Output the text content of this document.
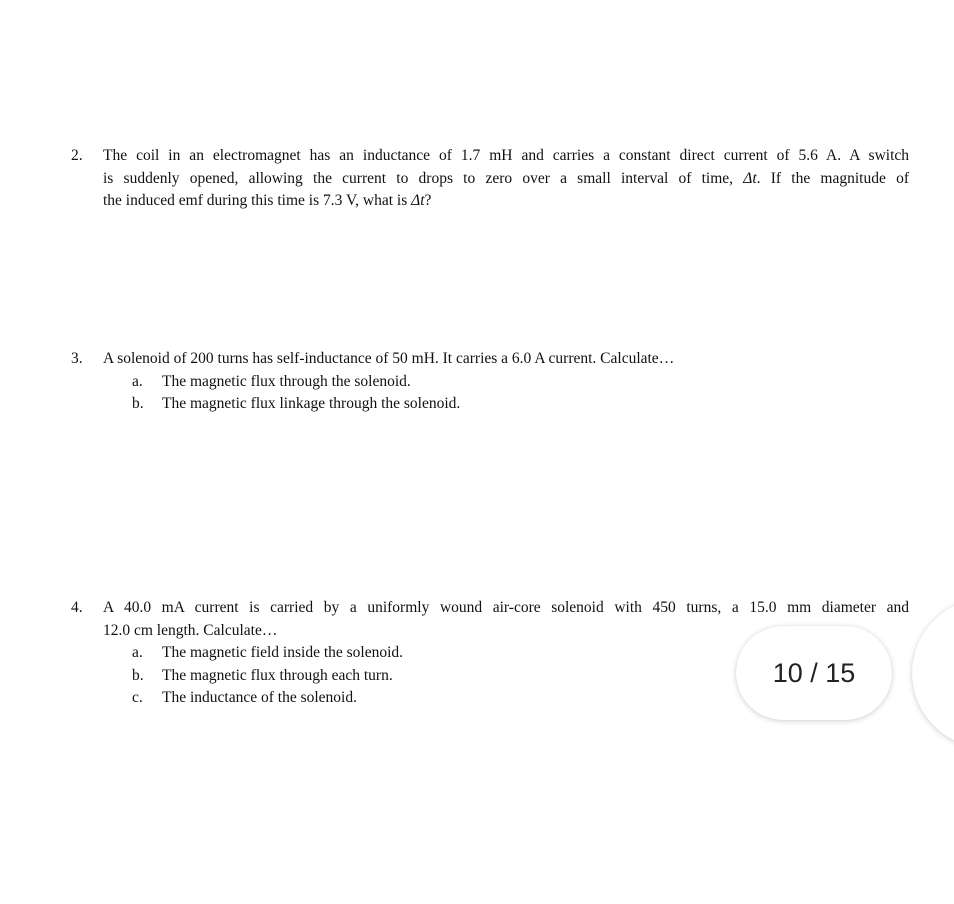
2.	The coil in an electromagnet has an inductance of 1.7 mH and carries a constant direct current of 5.6 A. A switch
is suddenly opened, allowing the current to drops to zero over a small interval of time, Δt. If the magnitude of
the induced emf during this time is 7.3 V, what is Δt?
3.	A solenoid of 200 turns has self-inductance of 50 mH. It carries a 6.0 A current. Calculate…
a. The magnetic flux through the solenoid.
b. The magnetic flux linkage through the solenoid.
4.	A 40.0 mA current is carried by a uniformly wound air-core solenoid with 450 turns, a 15.0 mm diameter and
12.0 cm length. Calculate…
a. The magnetic field inside the solenoid.
b. The magnetic flux through each turn.
c. The inductance of the solenoid.
10 / 15
